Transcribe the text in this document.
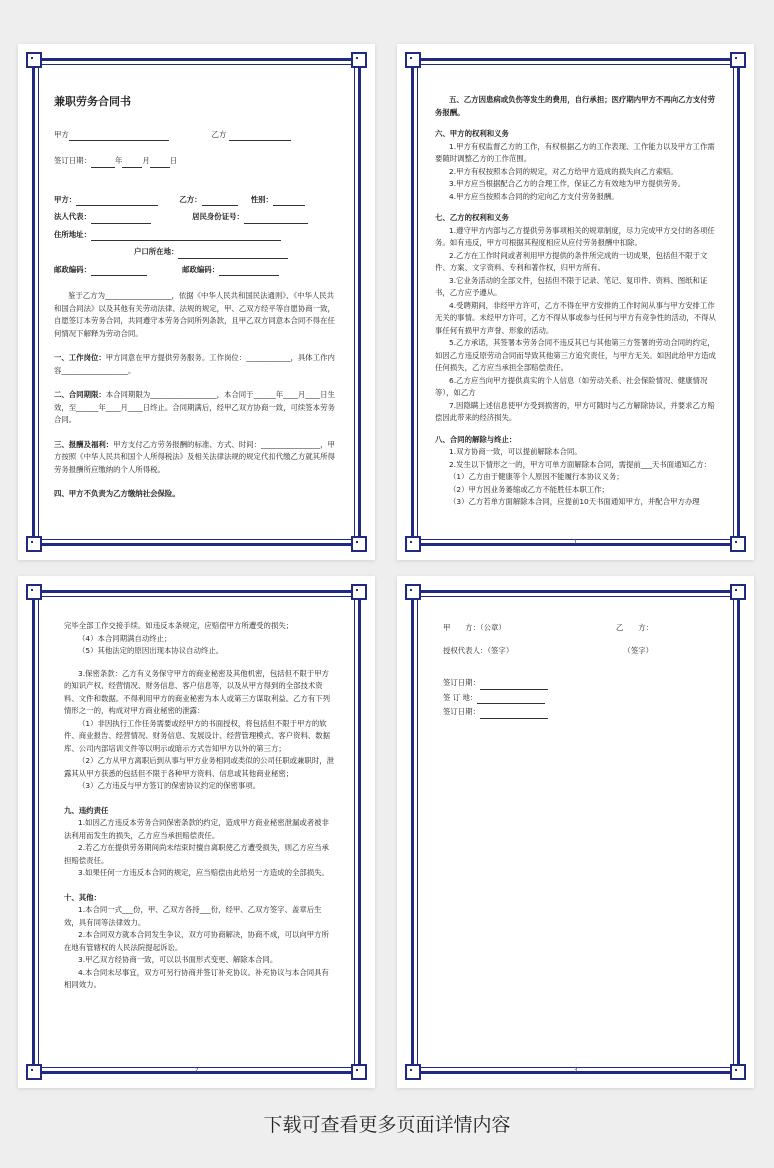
兼职劳务合同书
甲方	乙方
签订日期：	年	月	日
甲方：	乙方：	性别：
法人代表：	居民身份证号：
住所地址：
户口所在地：
邮政编码：	邮政编码：

鉴于乙方为__________________，依据《中华人民共和国民法通则》、《中华人民共和国合同法》以及其他有关劳动法律、法规的规定，甲、乙双方经平等自愿协商一致，自愿签订本劳务合同，共同遵守本劳务合同所列条款，且甲乙双方同意本合同不得在任何情况下解释为劳动合同。

一、工作岗位：甲方同意在甲方提供劳务服务。工作岗位：____________，具体工作内容__________________。

二、合同期限：本合同期限为__________________，本合同于______年____月____日生效，至______年____月____日终止。合同期满后，经甲乙双方协商一致，可续签本劳务合同。

三、报酬及福利：甲方支付乙方劳务报酬的标准、方式、时间：________________，甲方按照《中华人民共和国个人所得税法》及相关法律法规的规定代扣代缴乙方就其所得劳务报酬所应缴纳的个人所得税。

四、甲方不负责为乙方缴纳社会保险。

五、乙方因患病或负伤等发生的费用，自行承担；医疗期内甲方不再向乙方支付劳务报酬。

六、甲方的权利和义务

1.甲方有权监督乙方的工作，有权根据乙方的工作表现、工作能力以及甲方工作需要随时调整乙方的工作范围。

2.甲方有权按照本合同的规定，对乙方给甲方造成的损失向乙方索赔。

3.甲方应当根据配合乙方的合理工作，保证乙方有效地为甲方提供劳务。

4.甲方应当按照本合同的约定向乙方支付劳务报酬。

七、乙方的权利和义务

1.遵守甲方内部与乙方提供劳务事项相关的规章制度，尽力完成甲方交付的各项任务。如有违反，甲方可根据其程度相应从应付劳务报酬中扣除。

2.乙方在工作时间或者利用甲方提供的条件所完成的一切成果，包括但不限于文件、方案、文字资料、专利和著作权，归甲方所有。

3.它业务活动的全部文件，包括但不限于记录、笔记、复印件、资料、图纸和证书，乙方应予遵从。

4.受聘期间，非经甲方许可，乙方不得在甲方安排的工作时间从事与甲方安排工作无关的事情。未经甲方许可，乙方不得从事或参与任何与甲方有竞争性的活动，不得从事任何有损甲方声誉、形象的活动。

5.乙方承诺，其签署本劳务合同不违反其已与其他第三方签署的劳动合同的约定，如因乙方违反原劳动合同而导致其他第三方追究责任，与甲方无关。如因此给甲方造成任何损失，乙方应当承担全部赔偿责任。

6.乙方应当向甲方提供真实的个人信息（如劳动关系、社会保险情况、健康情况等），如乙方

7.因隐瞒上述信息使甲方受到损害的，甲方可随时与乙方解除协议，并要求乙方赔偿因此带来的经济损失。

八、合同的解除与终止：

1.双方协商一致，可以提前解除本合同。

2.发生以下情形之一的，甲方可单方面解除本合同，需提前___天书面通知乙方：

（1）乙方由于健康等个人原因不能履行本协议义务；

（2）甲方因业务萎缩或乙方不能胜任本职工作；

（3）乙方若单方面解除本合同，应提前10天书面通知甲方，并配合甲方办理

1

完毕全部工作交接手续。如违反本条规定，应赔偿甲方所遭受的损失；

（4）本合同期满自动终止；

（5）其他法定的原因出现本协议自动终止。

3.保密条款：乙方有义务保守甲方的商业秘密及其他机密，包括但不限于甲方的知识产权、经营情况、财务信息、客户信息等，以及从甲方得到的全部技术资料、文件和数据。不得利用甲方的商业秘密为本人或第三方谋取利益。乙方有下列情形之一的，构成对甲方商业秘密的泄露：

（1）非因执行工作任务需要或经甲方的书面授权，将包括但不限于甲方的软件、商业报告、经营情况、财务信息、发展设计、经营管理模式、客户资料、数据库、公司内部培训文件等以明示或暗示方式告知甲方以外的第三方；

（2）乙方从甲方离职后到从事与甲方业务相同或类似的公司任职或兼职时，泄露其从甲方获悉的包括但不限于各种甲方资料、信息或其他商业秘密；

（3）乙方违反与甲方签订的保密协议约定的保密事项。

九、违约责任

1.如因乙方违反本劳务合同保密条款的约定，造成甲方商业秘密泄漏或者被非法利用而发生的损失，乙方应当承担赔偿责任。

2.若乙方在提供劳务期间尚未结束时擅自离职使乙方遭受损失，则乙方应当承担赔偿责任。

3.如果任何一方违反本合同的规定，应当赔偿由此给另一方造成的全部损失。

十、其他：

1.本合同一式___份，甲、乙双方各持___份，经甲、乙双方签字、盖章后生效，具有同等法律效力。

2.本合同双方就本合同发生争议，双方可协商解决，协商不成，可以向甲方所在地有管辖权的人民法院提起诉讼。

3.甲乙双方经协商一致，可以以书面形式变更、解除本合同。

4.本合同未尽事宜，双方可另行协商并签订补充协议。补充协议与本合同具有相同效力。

2
甲　　方：（公章）	乙　　方：
授权代表人：（签字）	（签字）
签订日期：
签 订 地：
签订日期：
3
下载可查看更多页面详情内容
